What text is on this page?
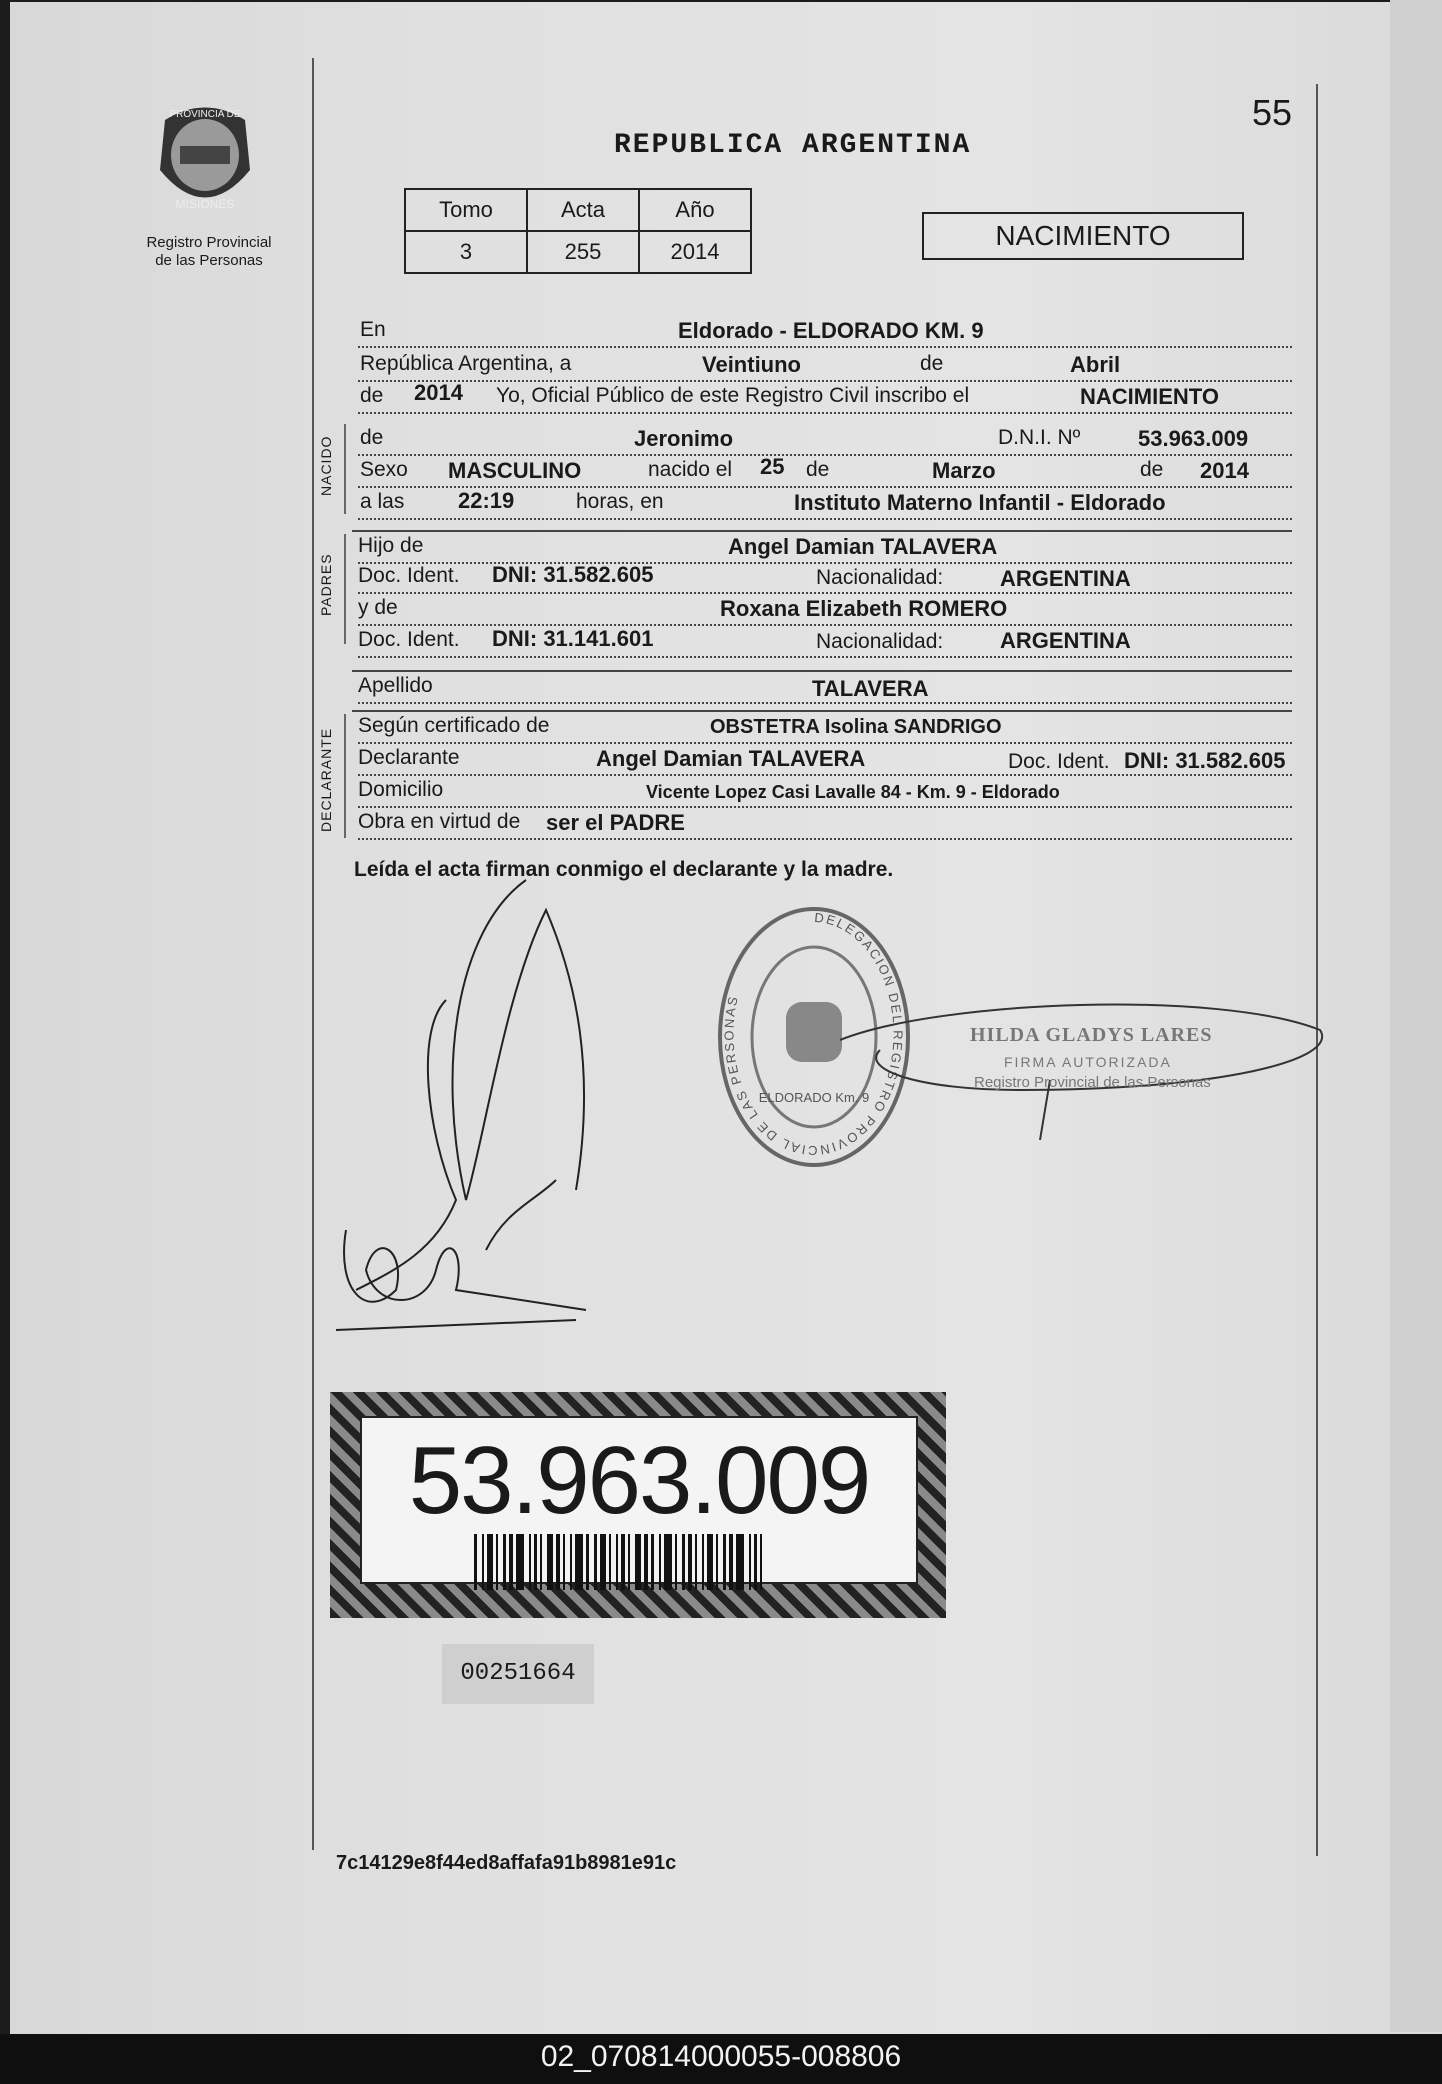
55
REPUBLICA ARGENTINA
PROVINCIA DE
MISIONES
Registro Provincial
de las Personas
Tomo	Acta	Año
3	255	2014
NACIMIENTO
En	Eldorado - ELDORADO KM. 9
República Argentina, a	Veintiuno	de	Abril
de 2014 Yo, Oficial Público de este Registro Civil inscribo el	NACIMIENTO
NACIDO de	Jeronimo	D.N.I. Nº	53.963.009
Sexo MASCULINO	nacido el 25 de	Marzo	de 2014
a las 22:19	horas, en	Instituto Materno Infantil - Eldorado
PADRES
Hijo de	Angel Damian TALAVERA
Doc. Ident. DNI: 31.582.605	Nacionalidad:	ARGENTINA
y de	Roxana Elizabeth ROMERO
Doc. Ident. DNI: 31.141.601	Nacionalidad:	ARGENTINA
Apellido	TALAVERA
DECLARANTE
Según certificado de	OBSTETRA Isolina SANDRIGO
Declarante	Angel Damian TALAVERA	Doc. Ident. DNI: 31.582.605
Domicilio	Vicente Lopez Casi Lavalle 84 - Km. 9 - Eldorado
Obra en virtud de ser el PADRE
Leída el acta firman conmigo el declarante y la madre.
DELEGACION DEL REGISTRO PROVINCIAL DE LAS PERSONAS
ELDORADO Km. 9
HILDA GLADYS LARES
FIRMA AUTORIZADA
Registro Provincial de las Personas
53.963.009
00251664
7c14129e8f44ed8affafa91b8981e91c
02_070814000055-008806
